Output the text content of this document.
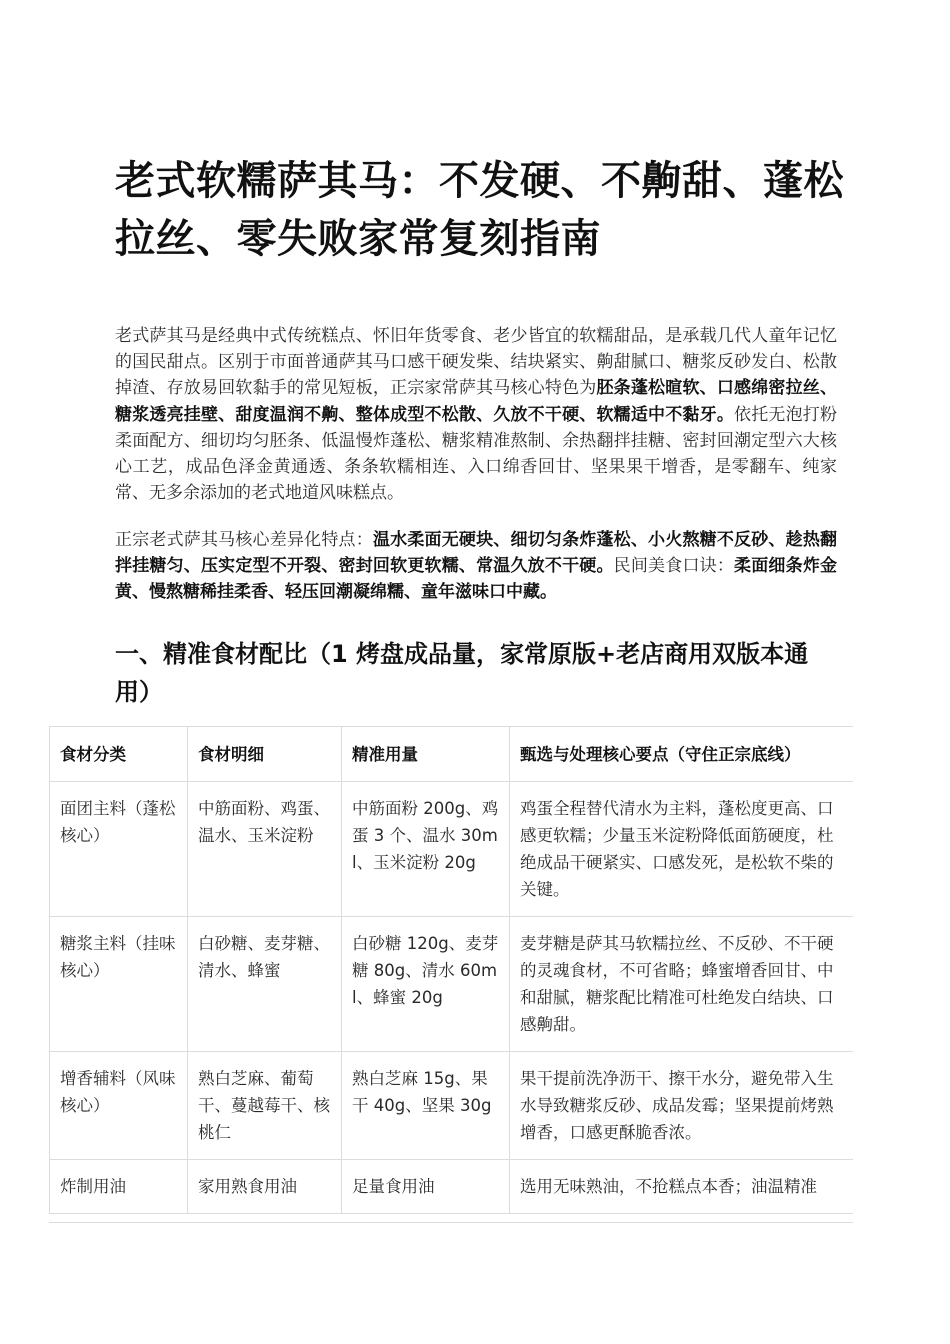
老式软糯萨其马：不发硬、不齁甜、蓬松拉丝、零失败家常复刻指南

老式萨其马是经典中式传统糕点、怀旧年货零食、老少皆宜的软糯甜品，是承载几代人童年记忆的国民甜点。区别于市面普通萨其马口感干硬发柴、结块紧实、齁甜腻口、糖浆反砂发白、松散掉渣、存放易回软黏手的常见短板，正宗家常萨其马核心特色为胚条蓬松暄软、口感绵密拉丝、糖浆透亮挂壁、甜度温润不齁、整体成型不松散、久放不干硬、软糯适中不黏牙。依托无泡打粉柔面配方、细切均匀胚条、低温慢炸蓬松、糖浆精准熬制、余热翻拌挂糖、密封回潮定型六大核心工艺，成品色泽金黄通透、条条软糯相连、入口绵香回甘、坚果果干增香，是零翻车、纯家常、无多余添加的老式地道风味糕点。

正宗老式萨其马核心差异化特点：温水柔面无硬块、细切匀条炸蓬松、小火熬糖不反砂、趁热翻拌挂糖匀、压实定型不开裂、密封回软更软糯、常温久放不干硬。民间美食口诀：柔面细条炸金黄、慢熬糖稀挂柔香、轻压回潮凝绵糯、童年滋味口中藏。

一、精准食材配比（1 烤盘成品量，家常原版+老店商用双版本通用）
食材分类	食材明细	精准用量	甄选与处理核心要点（守住正宗底线）
面团主料（蓬松核心）	中筋面粉、鸡蛋、温水、玉米淀粉	中筋面粉 200g、鸡蛋 3 个、温水 30ml、玉米淀粉 20g	鸡蛋全程替代清水为主料，蓬松度更高、口感更软糯；少量玉米淀粉降低面筋硬度，杜绝成品干硬紧实、口感发死，是松软不柴的关键。
糖浆主料（挂味核心）	白砂糖、麦芽糖、清水、蜂蜜	白砂糖 120g、麦芽糖 80g、清水 60ml、蜂蜜 20g	麦芽糖是萨其马软糯拉丝、不反砂、不干硬的灵魂食材，不可省略；蜂蜜增香回甘、中和甜腻，糖浆配比精准可杜绝发白结块、口感齁甜。
增香辅料（风味核心）	熟白芝麻、葡萄干、蔓越莓干、核桃仁	熟白芝麻 15g、果干 40g、坚果 30g	果干提前洗净沥干、擦干水分，避免带入生水导致糖浆反砂、成品发霉；坚果提前烤熟增香，口感更酥脆香浓。
炸制用油	家用熟食用油	足量食用油	选用无味熟油，不抢糕点本香；油温精准
